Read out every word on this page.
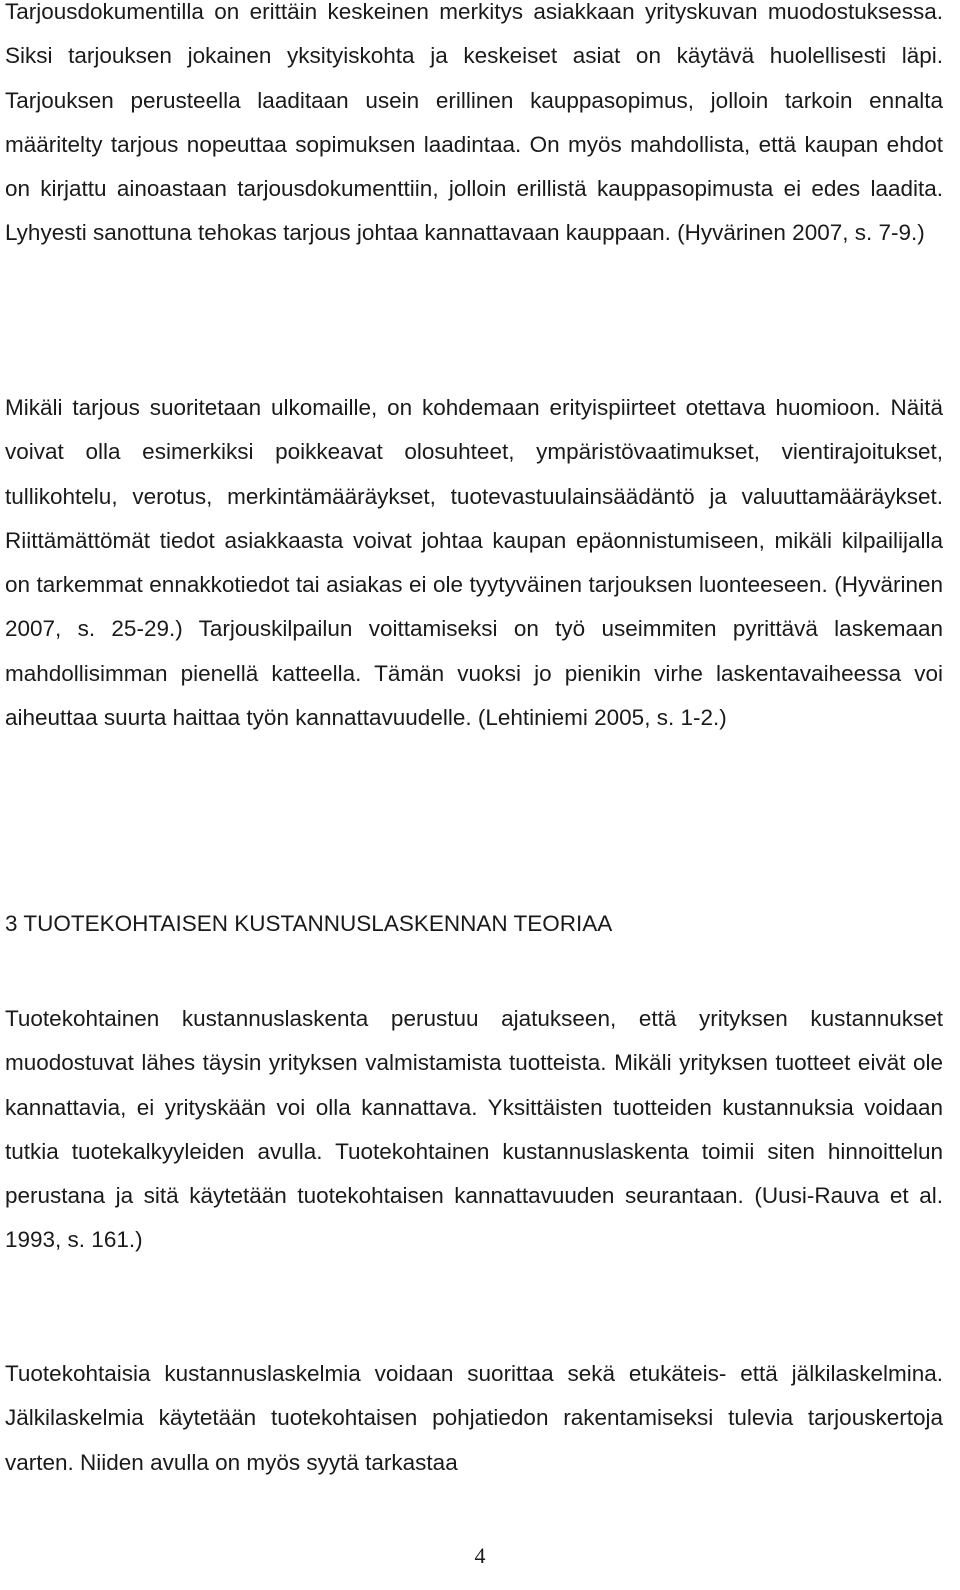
Tarjousdokumentilla on erittäin keskeinen merkitys asiakkaan yrityskuvan muodostuksessa. Siksi tarjouksen jokainen yksityiskohta ja keskeiset asiat on käytävä huolellisesti läpi. Tarjouksen perusteella laaditaan usein erillinen kauppasopimus, jolloin tarkoin ennalta määritelty tarjous nopeuttaa sopimuksen laadintaa. On myös mahdollista, että kaupan ehdot on kirjattu ainoastaan tarjousdokumenttiin, jolloin erillistä kauppasopimusta ei edes laadita. Lyhyesti sanottuna tehokas tarjous johtaa kannattavaan kauppaan. (Hyvärinen 2007, s. 7-9.)

Mikäli tarjous suoritetaan ulkomaille, on kohdemaan erityispiirteet otettava huomioon. Näitä voivat olla esimerkiksi poikkeavat olosuhteet, ympäristövaatimukset, vientirajoitukset, tullikohtelu, verotus, merkintämääräykset, tuotevastuulainsäädäntö ja valuuttamääräykset. Riittämättömät tiedot asiakkaasta voivat johtaa kaupan epäonnistumiseen, mikäli kilpailijalla on tarkemmat ennakkotiedot tai asiakas ei ole tyytyväinen tarjouksen luonteeseen. (Hyvärinen 2007, s. 25-29.) Tarjouskilpailun voittamiseksi on työ useimmiten pyrittävä laskemaan mahdollisimman pienellä katteella. Tämän vuoksi jo pienikin virhe laskentavaiheessa voi aiheuttaa suurta haittaa työn kannattavuudelle. (Lehtiniemi 2005, s. 1-2.)

3 TUOTEKOHTAISEN KUSTANNUSLASKENNAN TEORIAA

Tuotekohtainen kustannuslaskenta perustuu ajatukseen, että yrityksen kustannukset muodostuvat lähes täysin yrityksen valmistamista tuotteista. Mikäli yrityksen tuotteet eivät ole kannattavia, ei yrityskään voi olla kannattava. Yksittäisten tuotteiden kustannuksia voidaan tutkia tuotekalkyyleiden avulla. Tuotekohtainen kustannuslaskenta toimii siten hinnoittelun perustana ja sitä käytetään tuotekohtaisen kannattavuuden seurantaan. (Uusi-Rauva et al. 1993, s. 161.)

Tuotekohtaisia kustannuslaskelmia voidaan suorittaa sekä etukäteis- että jälkilaskelmina. Jälkilaskelmia käytetään tuotekohtaisen pohjatiedon rakentamiseksi tulevia tarjouskertoja varten. Niiden avulla on myös syytä tarkastaa

4
